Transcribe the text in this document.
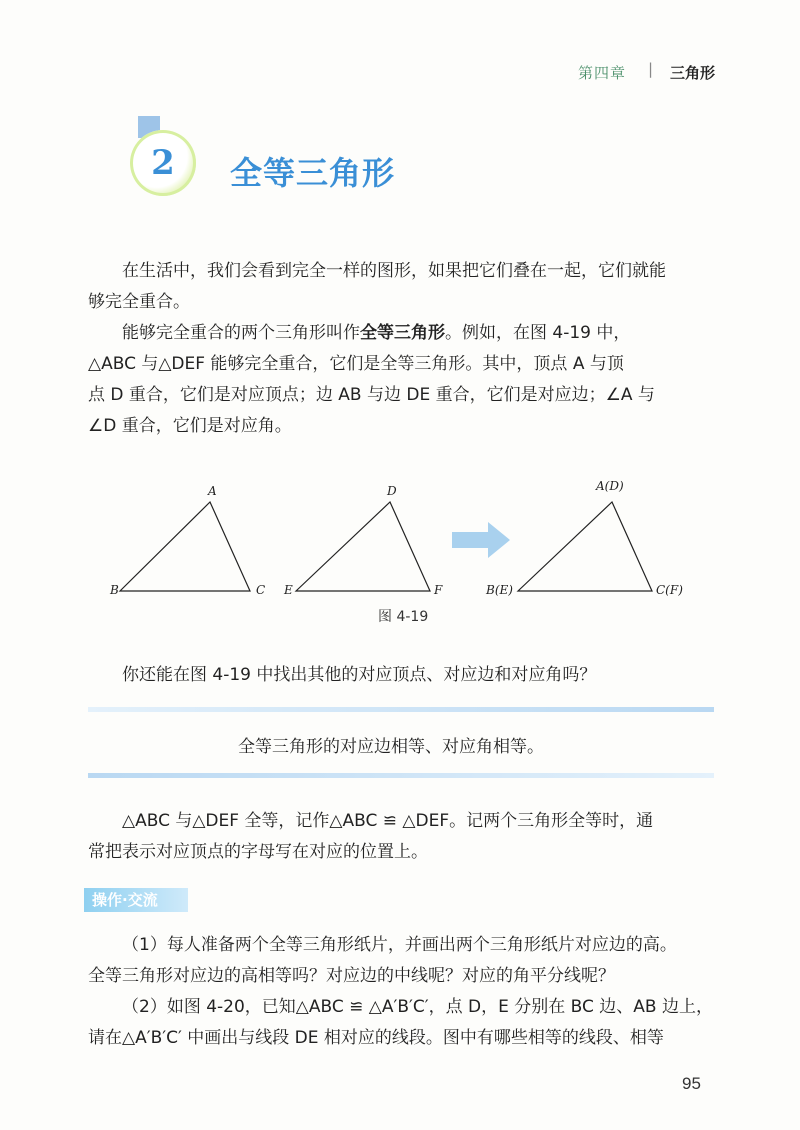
第四章 | 三角形
2 全等三角形
在生活中，我们会看到完全一样的图形，如果把它们叠在一起，它们就能
够完全重合。
能够完全重合的两个三角形叫作全等三角形。例如，在图 4-19 中，
△ABC 与△DEF 能够完全重合，它们是全等三角形。其中，顶点 A 与顶
点 D 重合，它们是对应顶点；边 AB 与边 DE 重合，它们是对应边；∠A 与
∠D 重合，它们是对应角。
A
B	C
D
E	F
A(D)
B(E)	C(F)
图 4-19
你还能在图 4-19 中找出其他的对应顶点、对应边和对应角吗？
全等三角形的对应边相等、对应角相等。
△ABC 与△DEF 全等，记作△ABC ≌ △DEF。记两个三角形全等时，通
常把表示对应顶点的字母写在对应的位置上。
操作·交流
（1）每人准备两个全等三角形纸片，并画出两个三角形纸片对应边的高。
全等三角形对应边的高相等吗？对应边的中线呢？对应的角平分线呢？
（2）如图 4-20，已知△ABC ≌ △A′B′C′，点 D，E 分别在 BC 边、AB 边上，
请在△A′B′C′ 中画出与线段 DE 相对应的线段。图中有哪些相等的线段、相等
95
